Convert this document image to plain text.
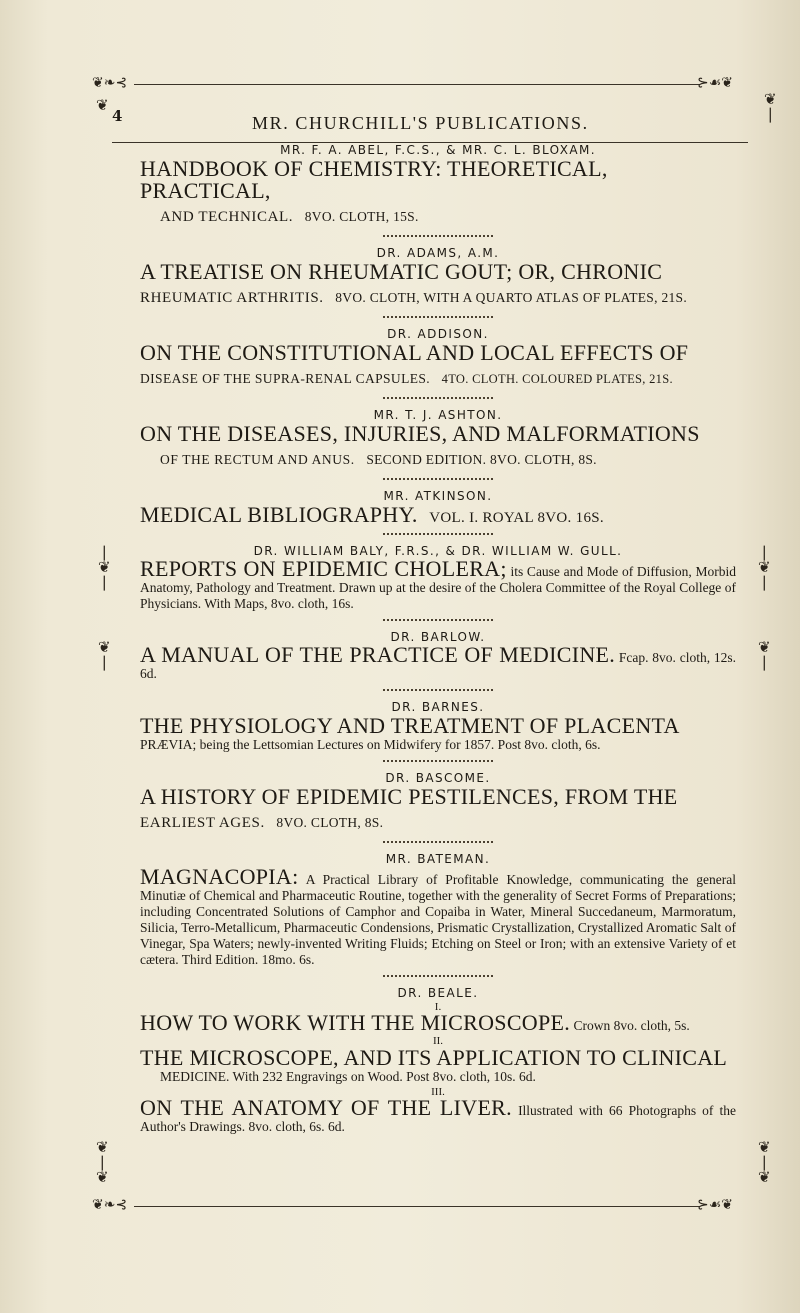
❦❧⊰	⊱☙❦
❦
❘
4	MR. CHURCHILL'S PUBLICATIONS.
❦
❘
❦
❘
❘
❦
❘
❦
❘
❦
❘
❦
❘
❦
❦
❘
❦

MR. F. A. ABEL, F.C.S., & MR. C. L. BLOXAM.

HANDBOOK OF CHEMISTRY: THEORETICAL, PRACTICAL,

AND TECHNICAL. 8VO. CLOTH, 15S.

DR. ADAMS, A.M.

A TREATISE ON RHEUMATIC GOUT; OR, CHRONIC

RHEUMATIC ARTHRITIS. 8VO. CLOTH, WITH A QUARTO ATLAS OF PLATES, 21S.

DR. ADDISON.

ON THE CONSTITUTIONAL AND LOCAL EFFECTS OF

DISEASE OF THE SUPRA-RENAL CAPSULES. 4TO. CLOTH. COLOURED PLATES, 21S.

MR. T. J. ASHTON.

ON THE DISEASES, INJURIES, AND MALFORMATIONS

OF THE RECTUM AND ANUS. SECOND EDITION. 8VO. CLOTH, 8S.

MR. ATKINSON.

MEDICAL BIBLIOGRAPHY. VOL. I. ROYAL 8VO. 16S.

DR. WILLIAM BALY, F.R.S., & DR. WILLIAM W. GULL.

REPORTS ON EPIDEMIC CHOLERA; its Cause and Mode of Diffusion, Morbid Anatomy, Pathology and Treatment. Drawn up at the desire of the Cholera Committee of the Royal College of Physicians. With Maps, 8vo. cloth, 16s.

DR. BARLOW.

A MANUAL OF THE PRACTICE OF MEDICINE. Fcap. 8vo. cloth, 12s. 6d.

DR. BARNES.

THE PHYSIOLOGY AND TREATMENT OF PLACENTA

PRÆVIA; being the Lettsomian Lectures on Midwifery for 1857. Post 8vo. cloth, 6s.

DR. BASCOME.

A HISTORY OF EPIDEMIC PESTILENCES, FROM THE

EARLIEST AGES. 8VO. CLOTH, 8S.

MR. BATEMAN.

MAGNACOPIA: A Practical Library of Profitable Knowledge, communicating the general Minutiæ of Chemical and Pharmaceutic Routine, together with the generality of Secret Forms of Preparations; including Concentrated Solutions of Camphor and Copaiba in Water, Mineral Succedaneum, Marmoratum, Silicia, Terro-Metallicum, Pharmaceutic Condensions, Prismatic Crystallization, Crystallized Aromatic Salt of Vinegar, Spa Waters; newly-invented Writing Fluids; Etching on Steel or Iron; with an extensive Variety of et cætera. Third Edition. 18mo. 6s.

DR. BEALE.

I.

HOW TO WORK WITH THE MICROSCOPE. Crown 8vo. cloth, 5s.

II.

THE MICROSCOPE, AND ITS APPLICATION TO CLINICAL

MEDICINE. With 232 Engravings on Wood. Post 8vo. cloth, 10s. 6d.

III.

ON THE ANATOMY OF THE LIVER. Illustrated with 66 Photographs of the Author's Drawings. 8vo. cloth, 6s. 6d.

❦❧⊰	⊱☙❦
